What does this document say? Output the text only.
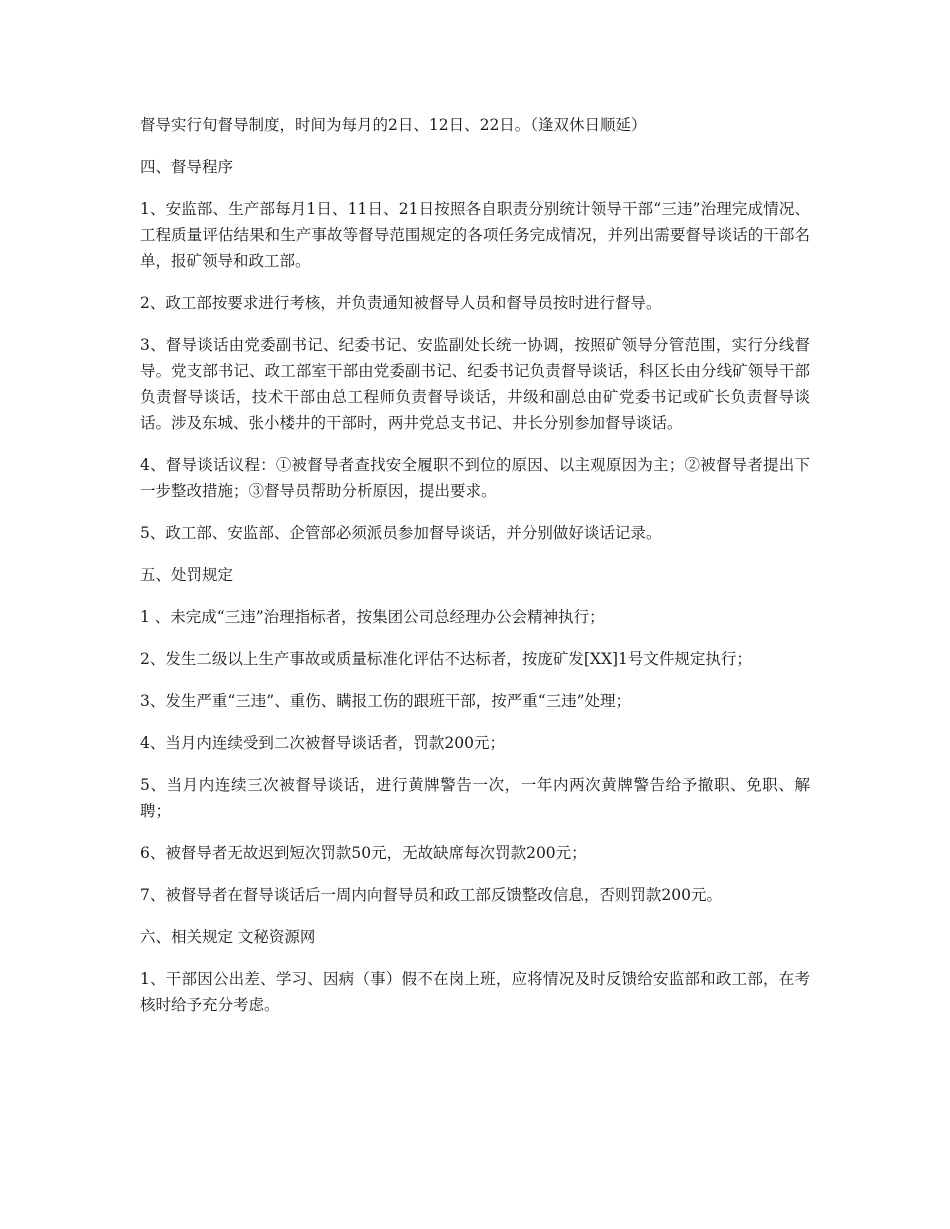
督导实行旬督导制度，时间为每月的2日、12日、22日。（逢双休日顺延）

四、督导程序

1、安监部、生产部每月1日、11日、21日按照各自职责分别统计领导干部“三违”治理完成情况、工程质量评估结果和生产事故等督导范围规定的各项任务完成情况，并列出需要督导谈话的干部名单，报矿领导和政工部。

2、政工部按要求进行考核，并负责通知被督导人员和督导员按时进行督导。

3、督导谈话由党委副书记、纪委书记、安监副处长统一协调，按照矿领导分管范围，实行分线督导。党支部书记、政工部室干部由党委副书记、纪委书记负责督导谈话，科区长由分线矿领导干部负责督导谈话，技术干部由总工程师负责督导谈话，井级和副总由矿党委书记或矿长负责督导谈话。涉及东城、张小楼井的干部时，两井党总支书记、井长分别参加督导谈话。

4、督导谈话议程：①被督导者查找安全履职不到位的原因、以主观原因为主；②被督导者提出下一步整改措施；③督导员帮助分析原因，提出要求。

5、政工部、安监部、企管部必须派员参加督导谈话，并分别做好谈话记录。

五、处罚规定

1 、未完成“三违”治理指标者，按集团公司总经理办公会精神执行；

2、发生二级以上生产事故或质量标准化评估不达标者，按庞矿发[XX]1号文件规定执行；

3、发生严重“三违”、重伤、瞒报工伤的跟班干部，按严重“三违”处理；

4、当月内连续受到二次被督导谈话者，罚款200元；

5、当月内连续三次被督导谈话，进行黄牌警告一次，一年内两次黄牌警告给予撤职、免职、解聘；

6、被督导者无故迟到短次罚款50元，无故缺席每次罚款200元；

7、被督导者在督导谈话后一周内向督导员和政工部反馈整改信息，否则罚款200元。

六、相关规定 文秘资源网

1、干部因公出差、学习、因病（事）假不在岗上班，应将情况及时反馈给安监部和政工部，在考核时给予充分考虑。
